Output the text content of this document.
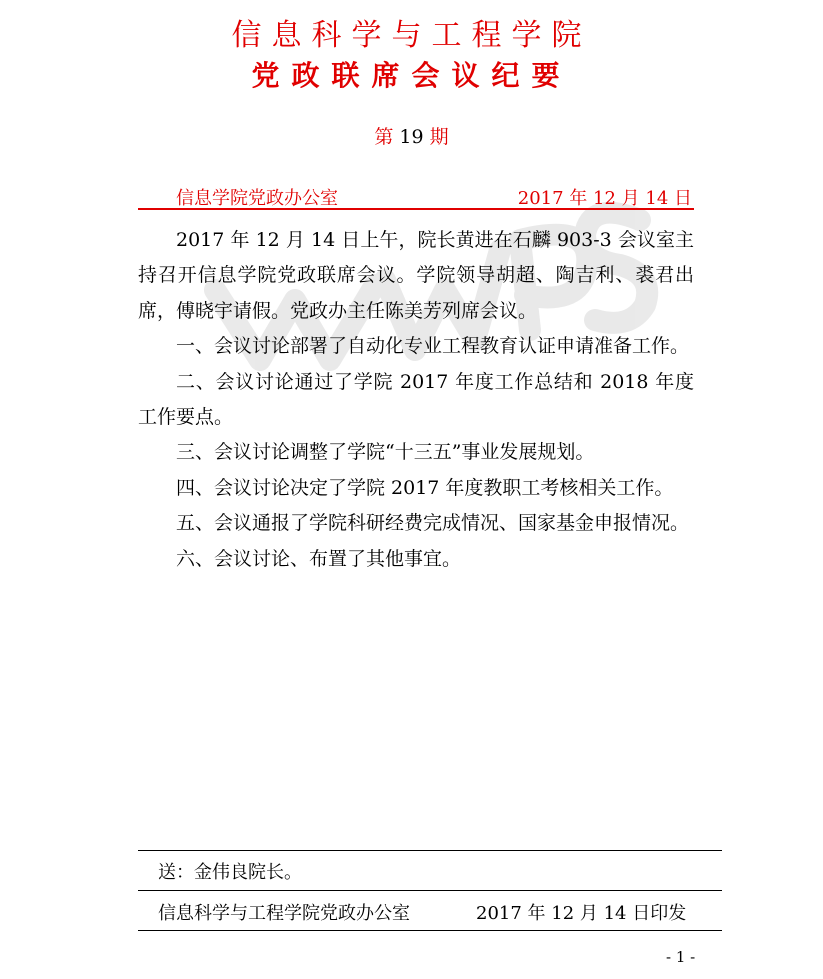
信息科学与工程学院
党政联席会议纪要
第 19 期
信息学院党政办公室	2017 年 12 月 14 日

2017 年 12 月 14 日上午，院长黄进在石麟 903-3 会议室主持召开信息学院党政联席会议。学院领导胡超、陶吉利、裘君出席，傅晓宇请假。党政办主任陈美芳列席会议。

一、会议讨论部署了自动化专业工程教育认证申请准备工作。

二、会议讨论通过了学院 2017 年度工作总结和 2018 年度工作要点。

三、会议讨论调整了学院“十三五”事业发展规划。

四、会议讨论决定了学院 2017 年度教职工考核相关工作。

五、会议通报了学院科研经费完成情况、国家基金申报情况。

六、会议讨论、布置了其他事宜。

送：金伟良院长。
信息科学与工程学院党政办公室	2017 年 12 月 14 日印发
- 1 -
